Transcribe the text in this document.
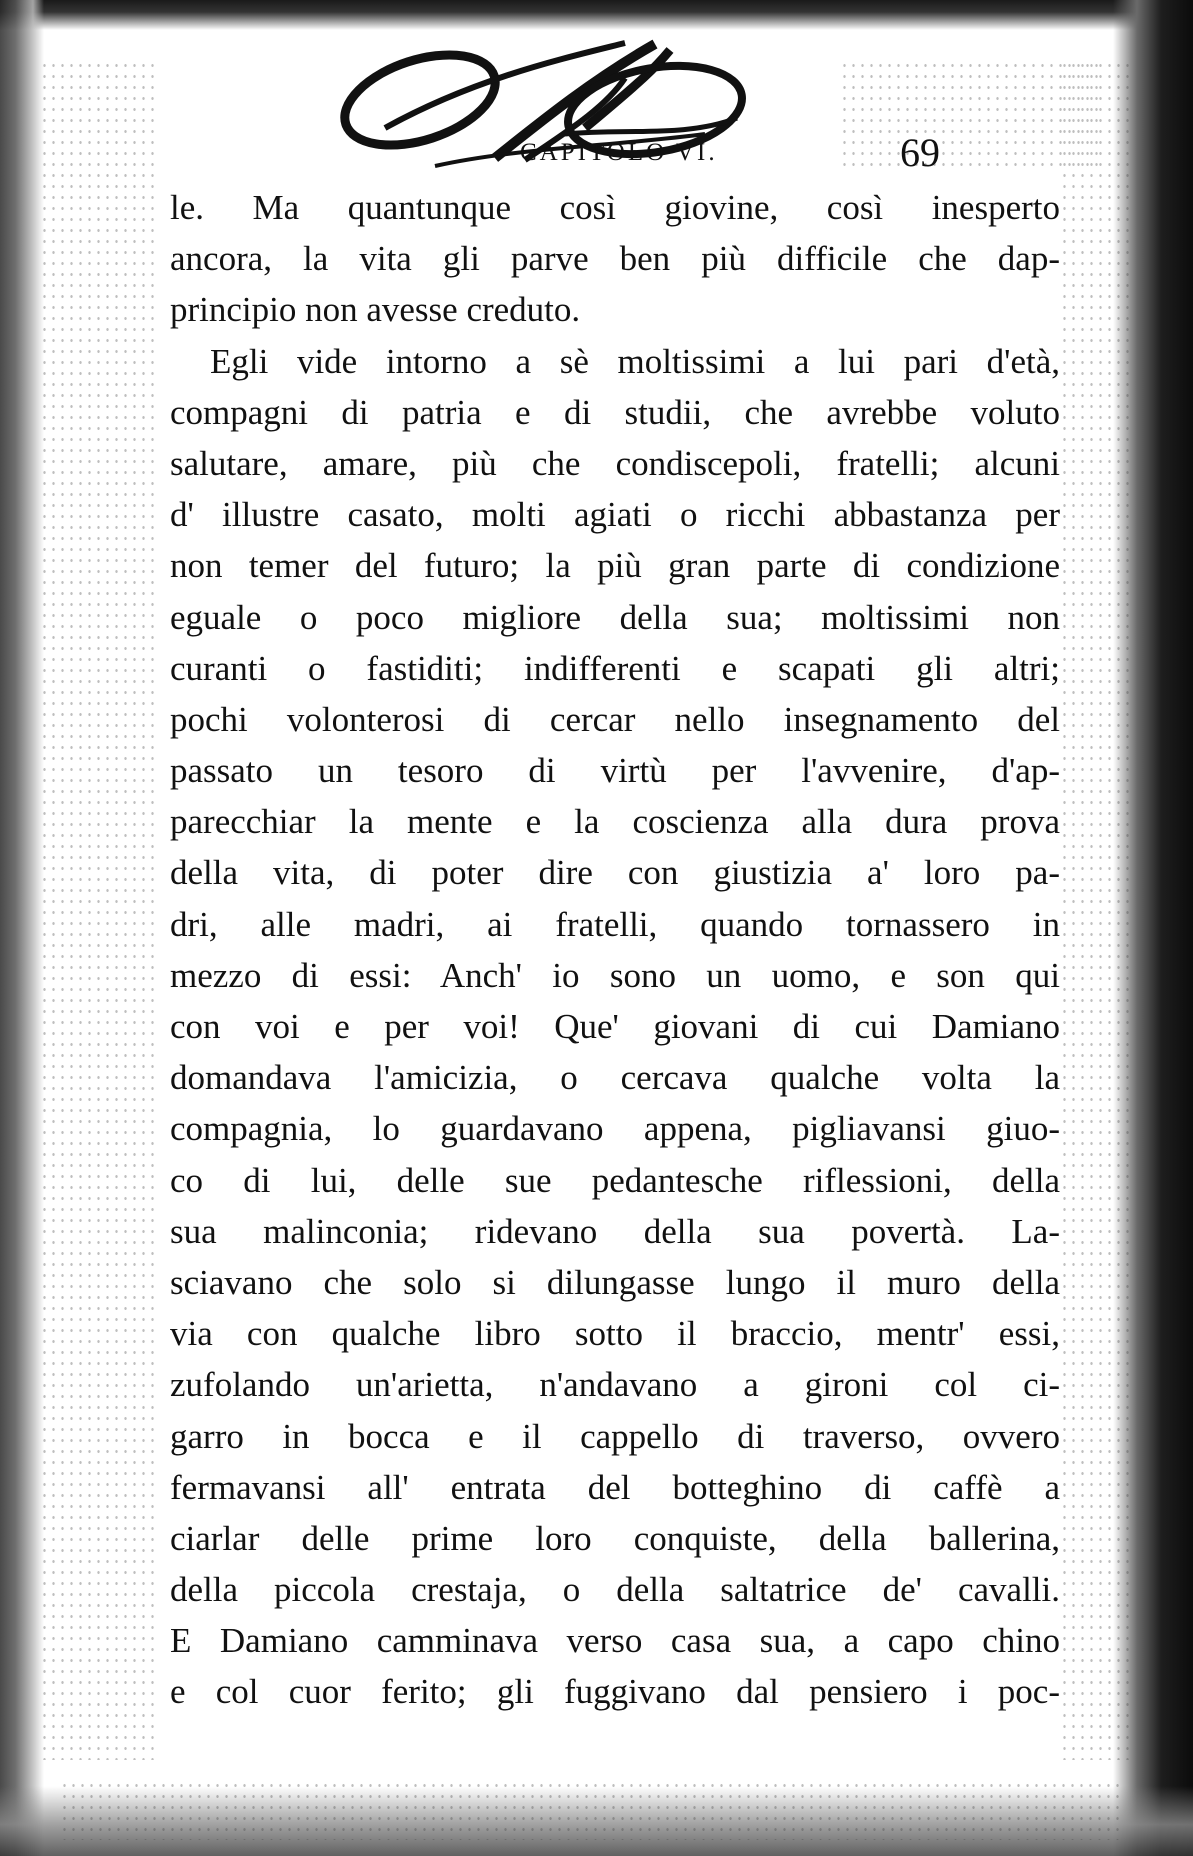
CAPITOLO VI.	69
le. Ma quantunque così giovine, così inesperto
ancora, la vita gli parve ben più difficile che dap-
principio non avesse creduto.
Egli vide intorno a sè moltissimi a lui pari d'età,
compagni di patria e di studii, che avrebbe voluto
salutare, amare, più che condiscepoli, fratelli; alcuni
d' illustre casato, molti agiati o ricchi abbastanza per
non temer del futuro; la più gran parte di condizione
eguale o poco migliore della sua; moltissimi non
curanti o fastiditi; indifferenti e scapati gli altri;
pochi volonterosi di cercar nello insegnamento del
passato un tesoro di virtù per l'avvenire, d'ap-
parecchiar la mente e la coscienza alla dura prova
della vita, di poter dire con giustizia a' loro pa-
dri, alle madri, ai fratelli, quando tornassero in
mezzo di essi: Anch' io sono un uomo, e son qui
con voi e per voi! Que' giovani di cui Damiano
domandava l'amicizia, o cercava qualche volta la
compagnia, lo guardavano appena, pigliavansi giuo-
co di lui, delle sue pedantesche riflessioni, della
sua malinconia; ridevano della sua povertà. La-
sciavano che solo si dilungasse lungo il muro della
via con qualche libro sotto il braccio, mentr' essi,
zufolando un'arietta, n'andavano a gironi col ci-
garro in bocca e il cappello di traverso, ovvero
fermavansi all' entrata del botteghino di caffè a
ciarlar delle prime loro conquiste, della ballerina,
della piccola crestaja, o della saltatrice de' cavalli.
E Damiano camminava verso casa sua, a capo chino
e col cuor ferito; gli fuggivano dal pensiero i poc-
